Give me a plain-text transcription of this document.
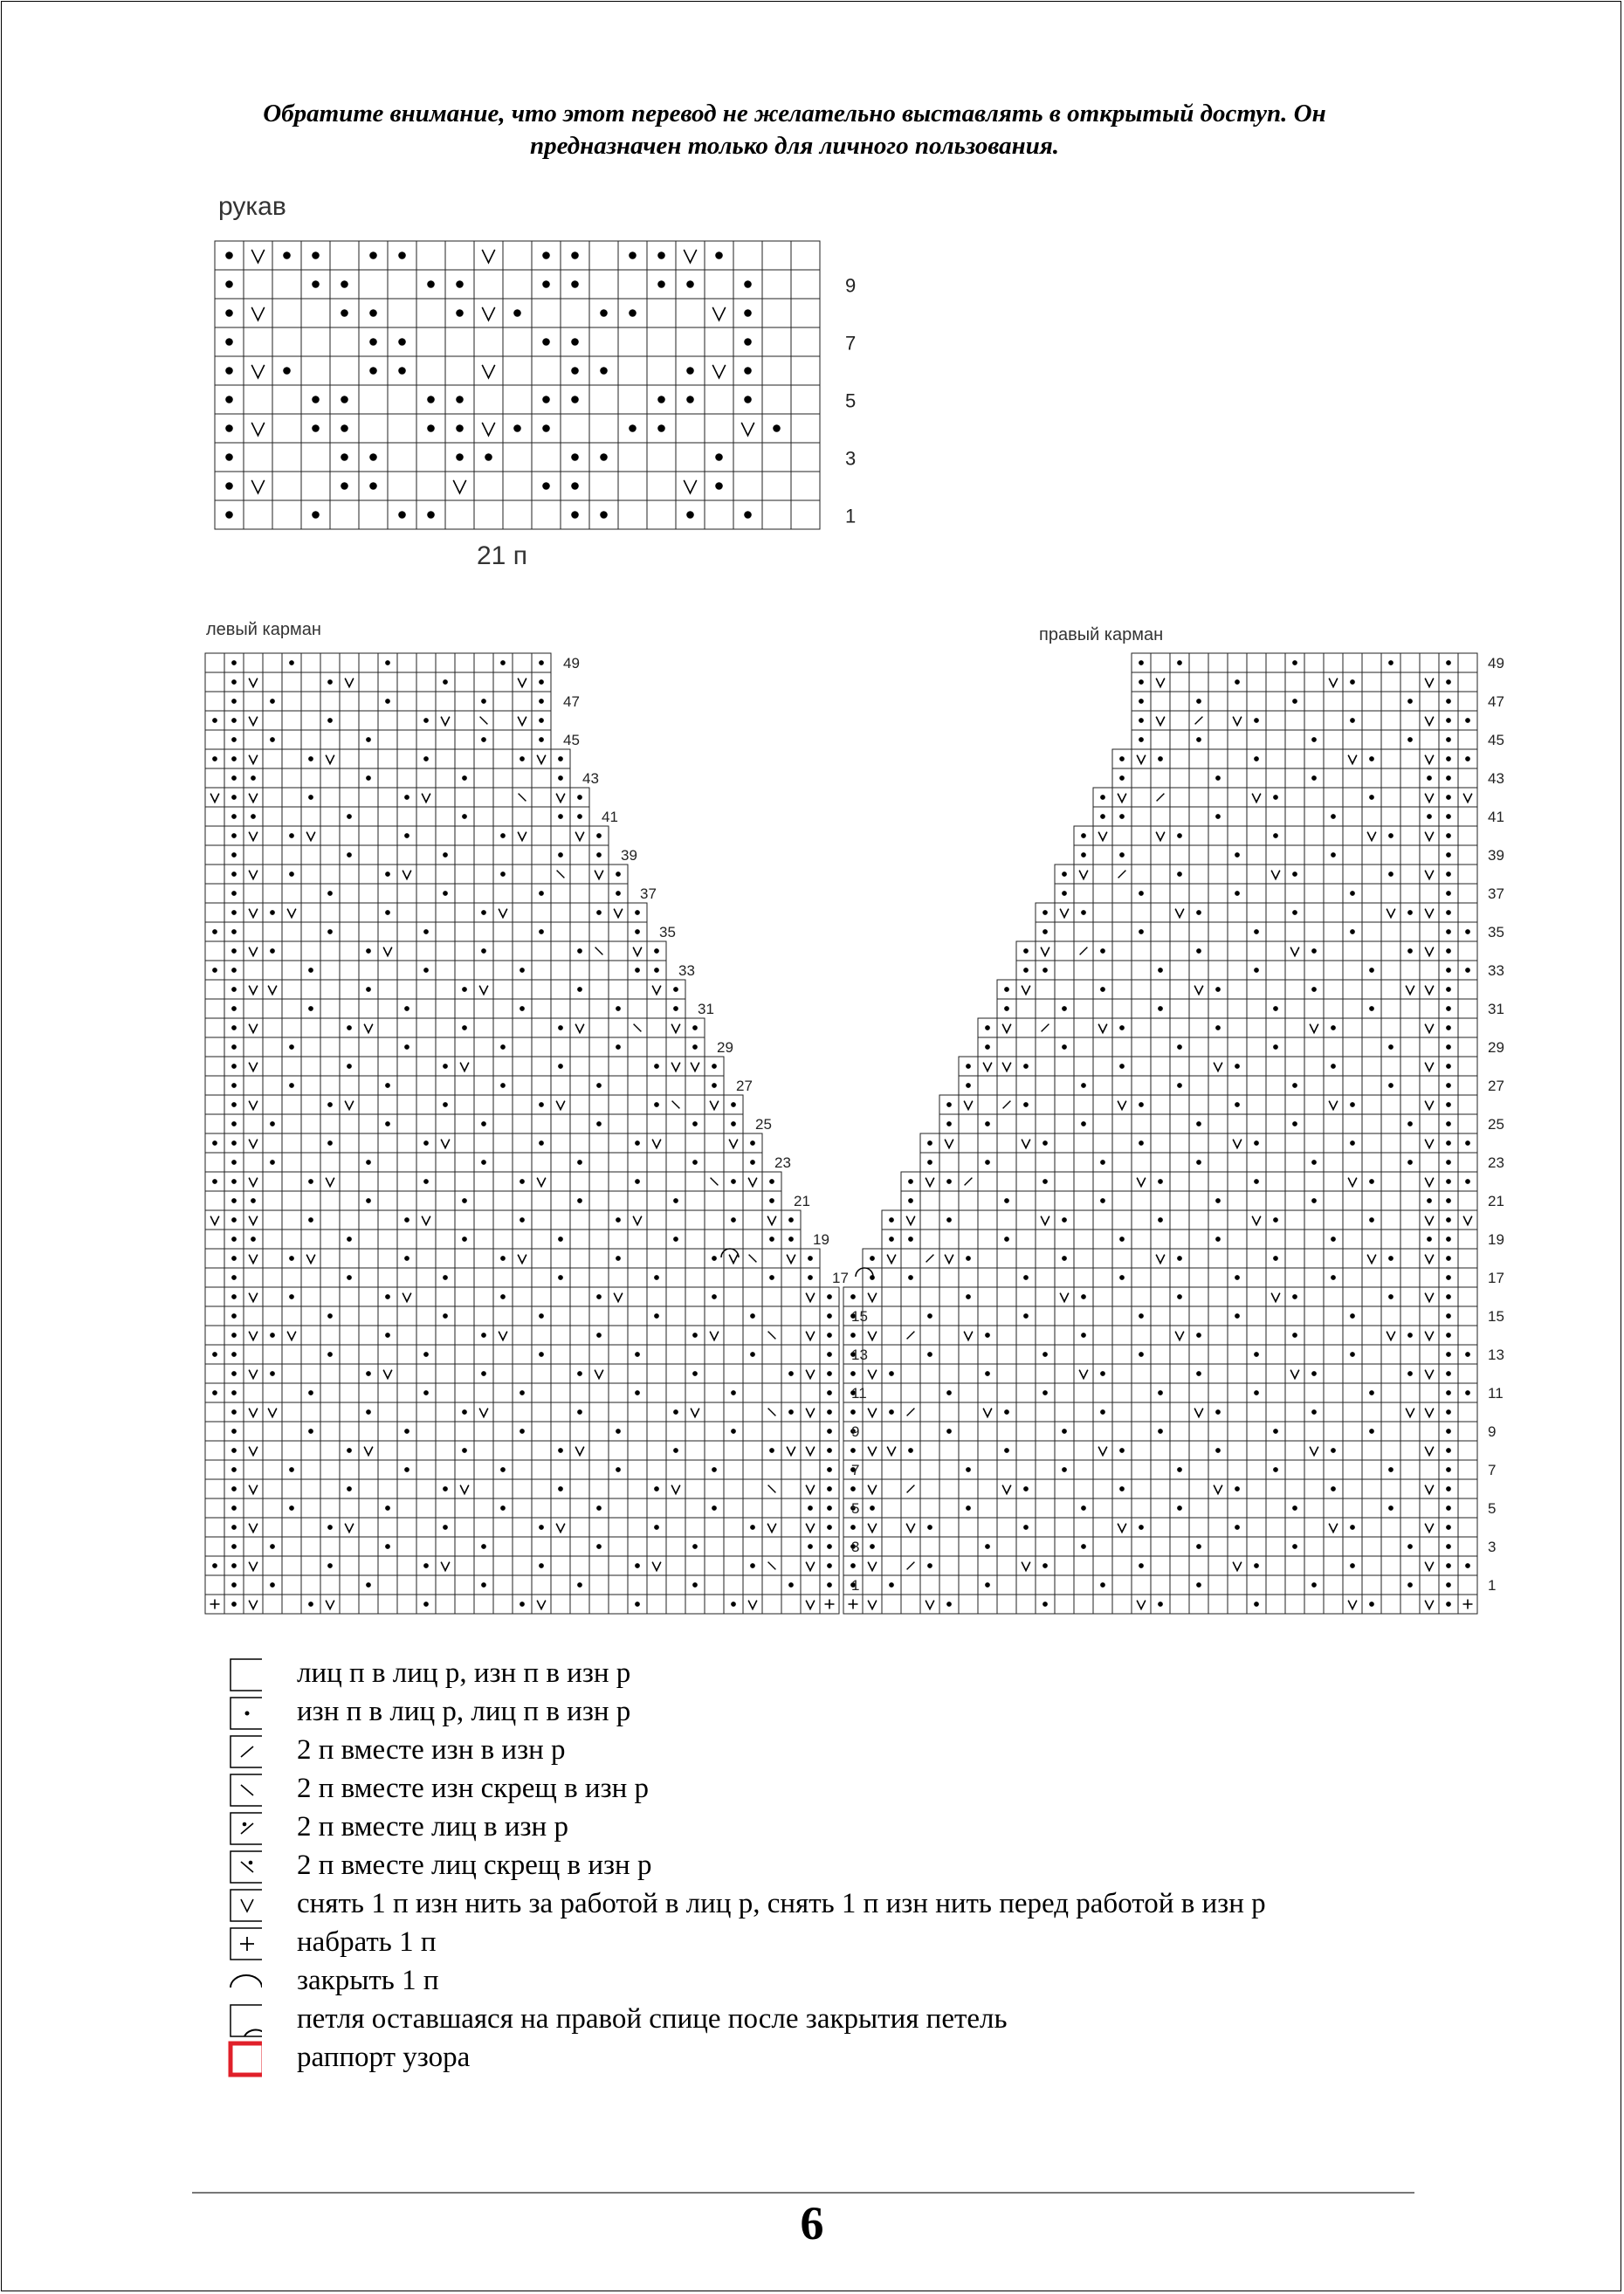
Обратите внимание, что этот перевод не желательно выставлять в открытый доступ. Он
предназначен только для личного пользования.
рукав
21 п
левый карман	правый карман
9
7
5
3
1
49
47
45
43
41
39
37
35
33
31
29
27
25
23
21
19
17
15
13
11
9
7
5
3
1
49
47
45
43
41
39
37
35
33
31
29
27
25
23
21
19
17
15
13
11
9
7
5
3
1
лиц п в лиц р, изн п в изн р
изн п в лиц р, лиц п в изн р
2 п вместе изн в изн р
2 п вместе изн скрещ в изн р
2 п вместе лиц в изн р
2 п вместе лиц скрещ в изн р
снять 1 п изн нить за работой в лиц р, снять 1 п изн нить перед работой в изн р
набрать 1 п
закрыть 1 п
петля оставшаяся на правой спице после закрытия петель
раппорт узора
6
